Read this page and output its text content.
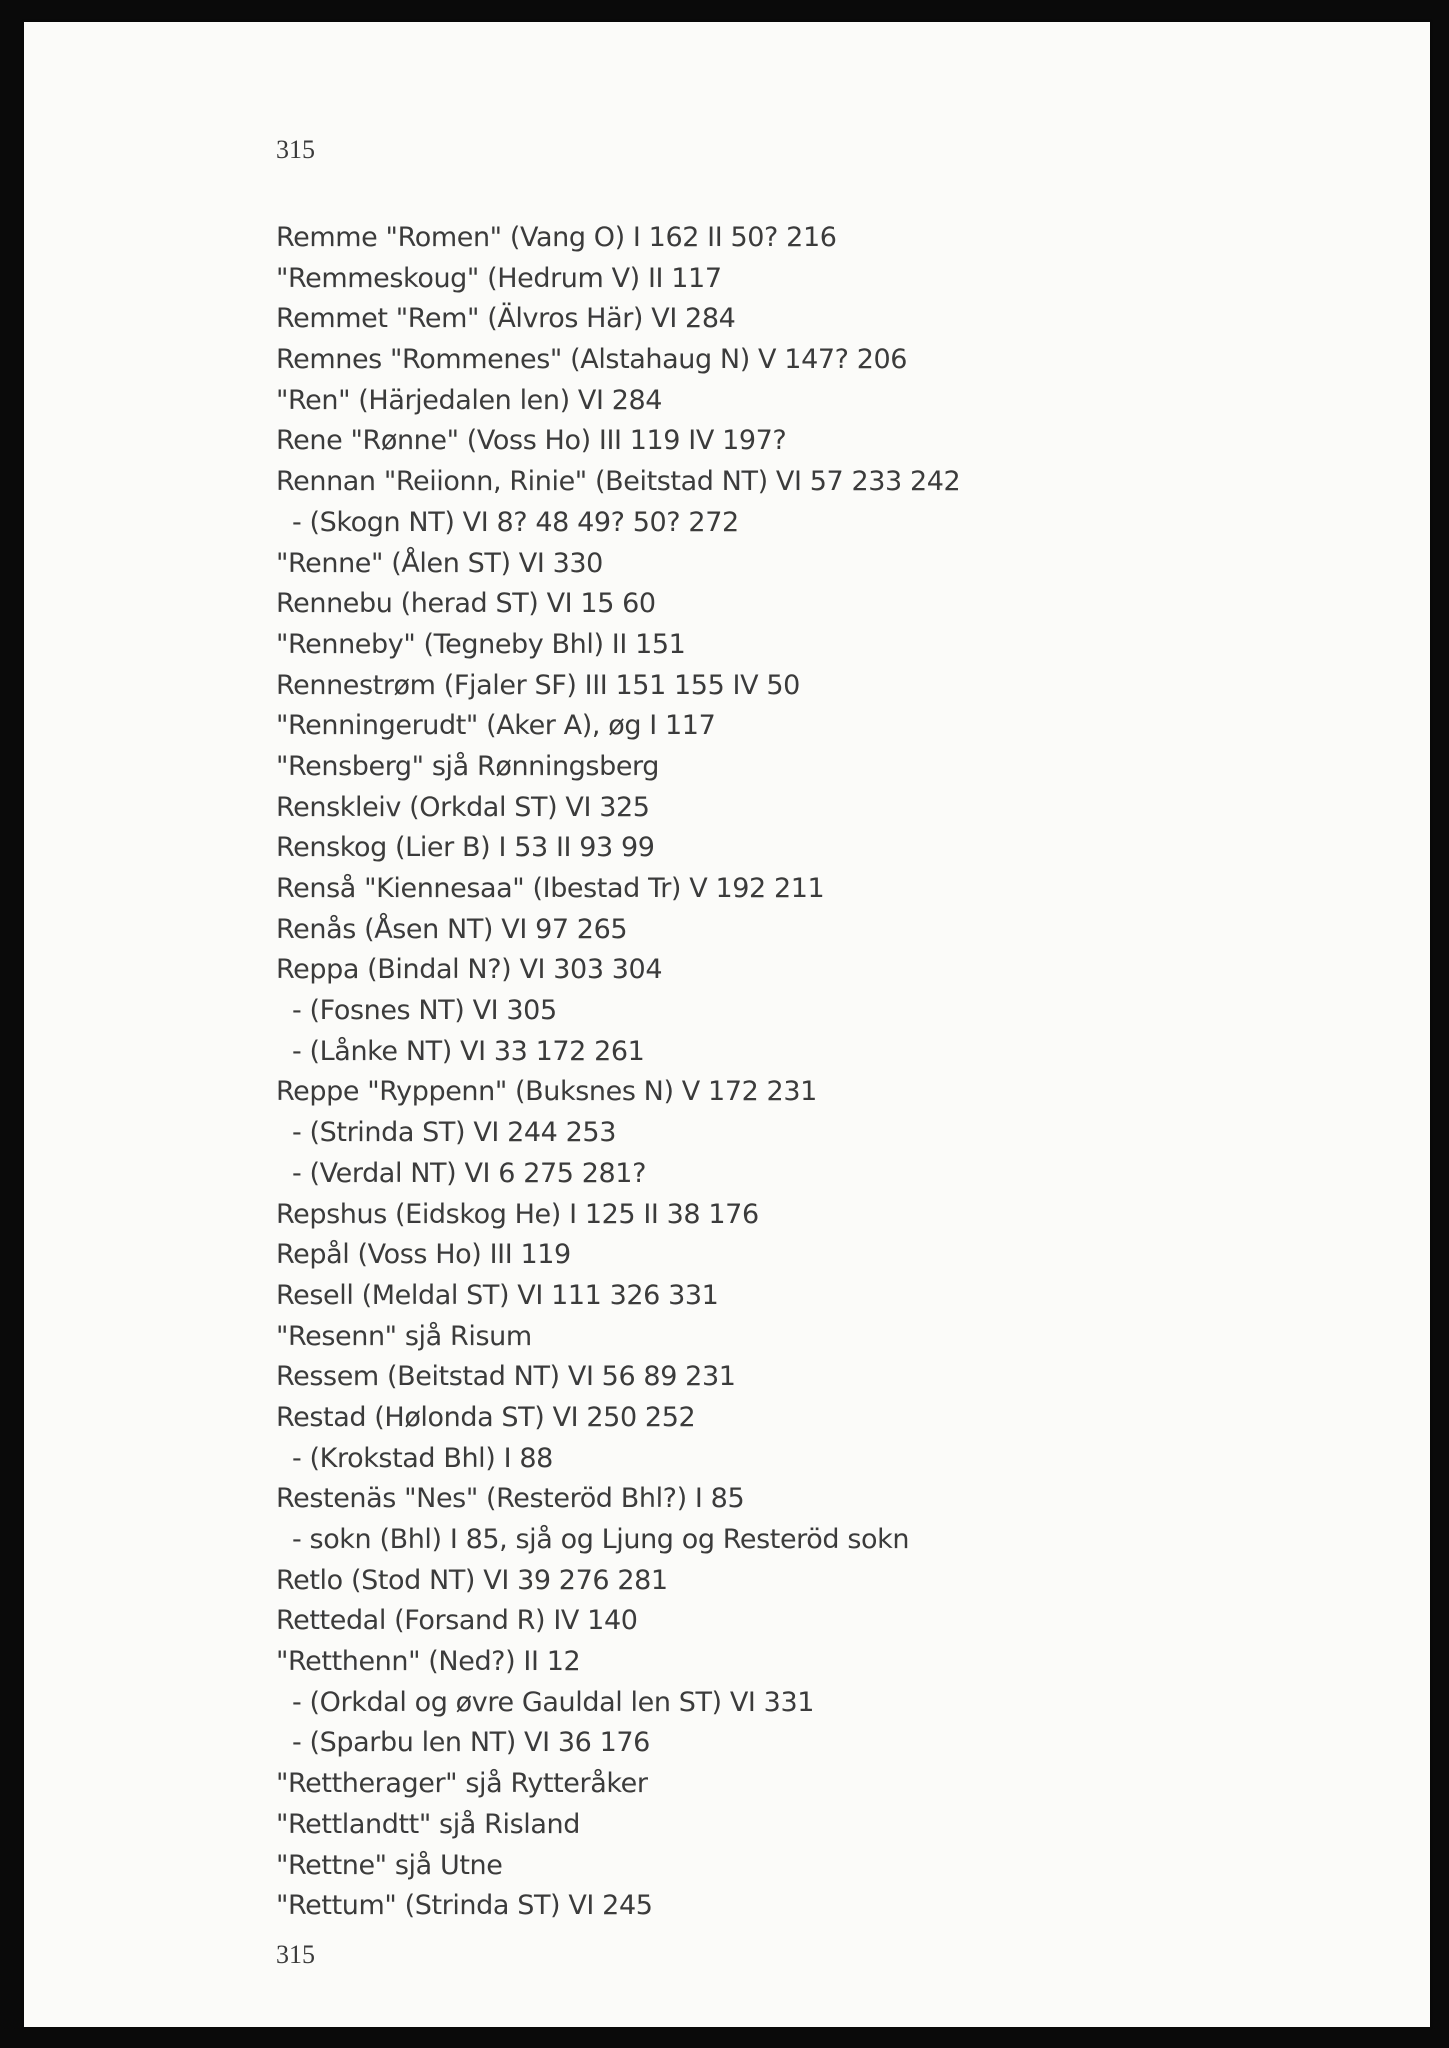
315
Remme "Romen" (Vang O) I 162 II 50? 216
"Remmeskoug" (Hedrum V) II 117
Remmet "Rem" (Älvros Här) VI 284
Remnes "Rommenes" (Alstahaug N) V 147? 206
"Ren" (Härjedalen len) VI 284
Rene "Rønne" (Voss Ho) III 119 IV 197?
Rennan "Reiionn, Rinie" (Beitstad NT) VI 57 233 242
- (Skogn NT) VI 8? 48 49? 50? 272
"Renne" (Ålen ST) VI 330
Rennebu (herad ST) VI 15 60
"Renneby" (Tegneby Bhl) II 151
Rennestrøm (Fjaler SF) III 151 155 IV 50
"Renningerudt" (Aker A), øg I 117
"Rensberg" sjå Rønningsberg
Renskleiv (Orkdal ST) VI 325
Renskog (Lier B) I 53 II 93 99
Renså "Kiennesaa" (Ibestad Tr) V 192 211
Renås (Åsen NT) VI 97 265
Reppa (Bindal N?) VI 303 304
- (Fosnes NT) VI 305
- (Lånke NT) VI 33 172 261
Reppe "Ryppenn" (Buksnes N) V 172 231
- (Strinda ST) VI 244 253
- (Verdal NT) VI 6 275 281?
Repshus (Eidskog He) I 125 II 38 176
Repål (Voss Ho) III 119
Resell (Meldal ST) VI 111 326 331
"Resenn" sjå Risum
Ressem (Beitstad NT) VI 56 89 231
Restad (Hølonda ST) VI 250 252
- (Krokstad Bhl) I 88
Restenäs "Nes" (Resteröd Bhl?) I 85
- sokn (Bhl) I 85, sjå og Ljung og Resteröd sokn
Retlo (Stod NT) VI 39 276 281
Rettedal (Forsand R) IV 140
"Retthenn" (Ned?) II 12
- (Orkdal og øvre Gauldal len ST) VI 331
- (Sparbu len NT) VI 36 176
"Rettherager" sjå Rytteråker
"Rettlandtt" sjå Risland
"Rettne" sjå Utne
"Rettum" (Strinda ST) VI 245
315
